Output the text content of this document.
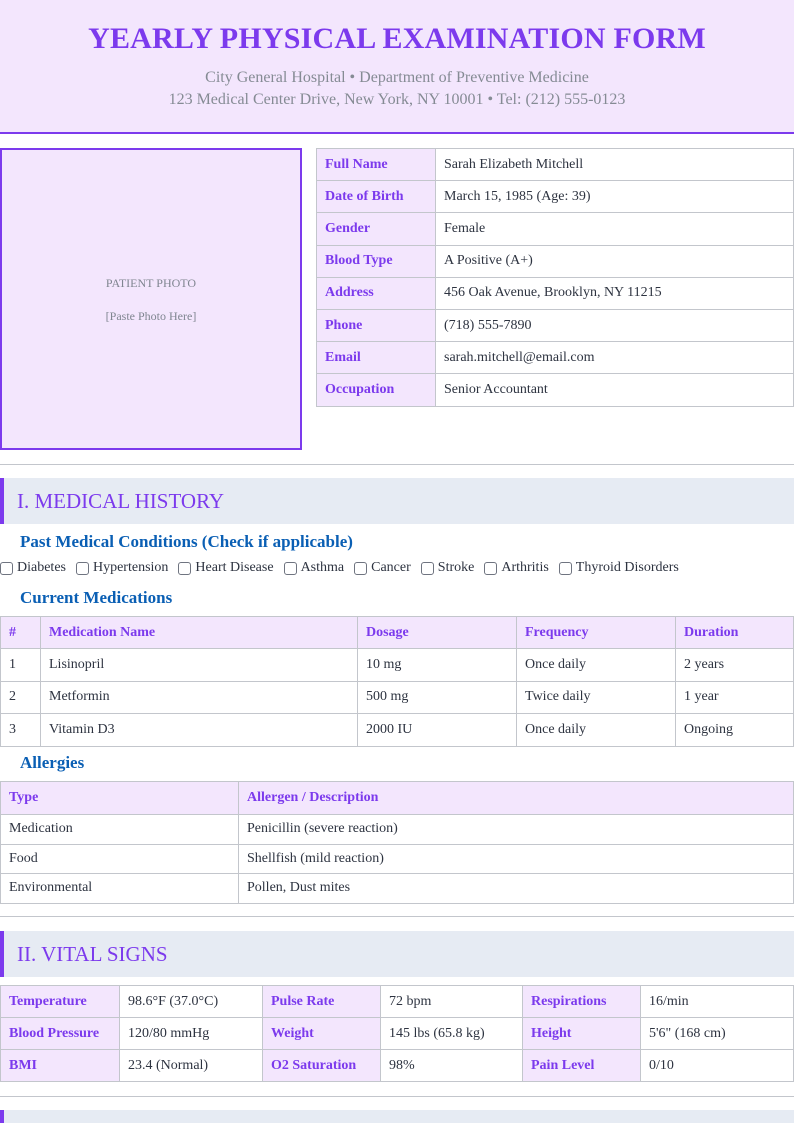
YEARLY PHYSICAL EXAMINATION FORM
City General Hospital • Department of Preventive Medicine
123 Medical Center Drive, New York, NY 10001 • Tel: (212) 555-0123
PATIENT PHOTO
[Paste Photo Here]
Full Name	Sarah Elizabeth Mitchell
Date of Birth	March 15, 1985 (Age: 39)
Gender	Female
Blood Type	A Positive (A+)
Address	456 Oak Avenue, Brooklyn, NY 11215
Phone	(718) 555-7890
Email	sarah.mitchell@email.com
Occupation	Senior Accountant
I. MEDICAL HISTORY
Past Medical Conditions (Check if applicable)
Diabetes Hypertension Heart Disease Asthma Cancer Stroke Arthritis Thyroid Disorders
Current Medications
#	Medication Name	Dosage	Frequency	Duration
1	Lisinopril	10 mg	Once daily	2 years
2	Metformin	500 mg	Twice daily	1 year
3	Vitamin D3	2000 IU	Once daily	Ongoing
Allergies
Type	Allergen / Description
Medication	Penicillin (severe reaction)
Food	Shellfish (mild reaction)
Environmental	Pollen, Dust mites
II. VITAL SIGNS
Temperature	98.6°F (37.0°C)	Pulse Rate	72 bpm	Respirations	16/min
Blood Pressure	120/80 mmHg	Weight	145 lbs (65.8 kg)	Height	5'6" (168 cm)
BMI	23.4 (Normal)	O2 Saturation	98%	Pain Level	0/10
